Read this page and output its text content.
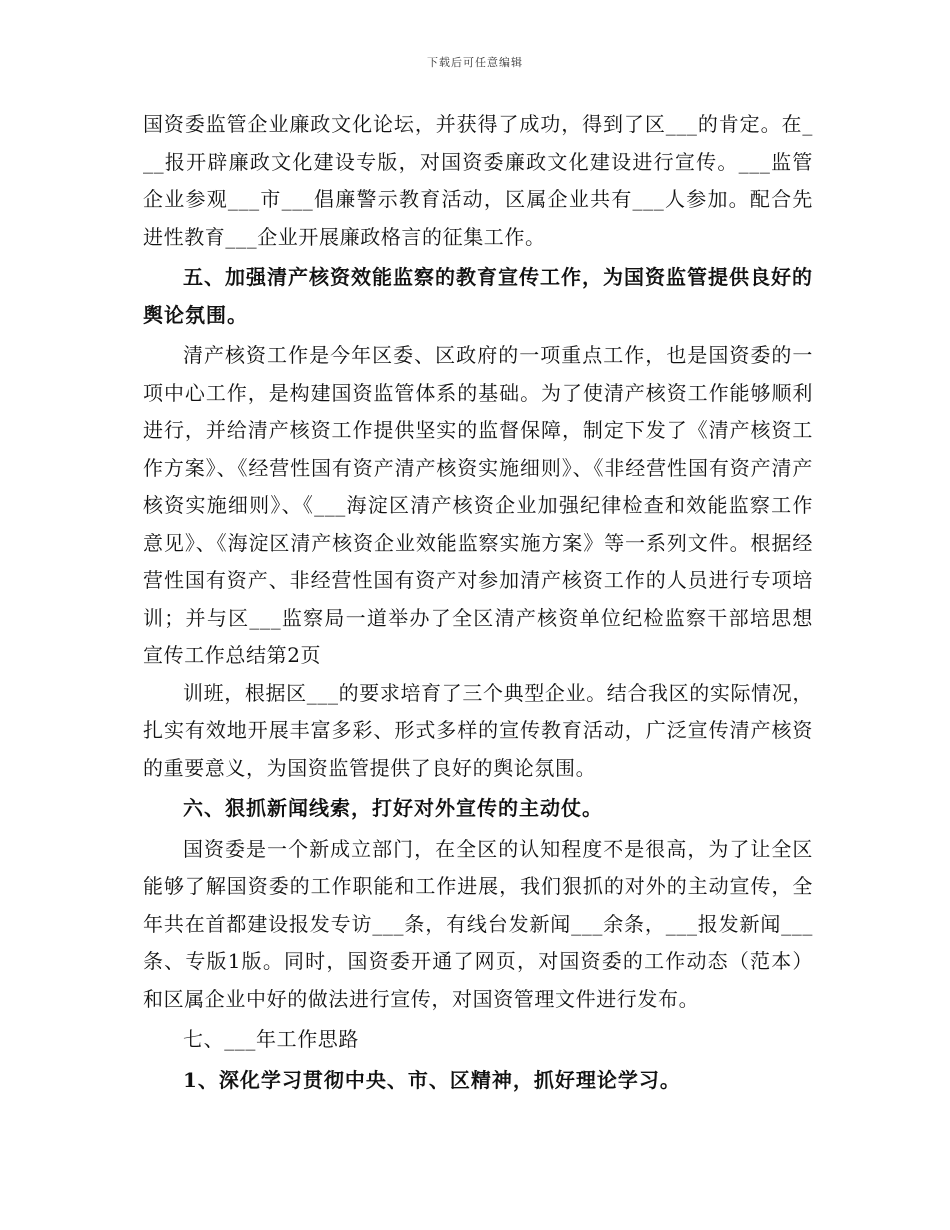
下载后可任意编辑

国资委监管企业廉政文化论坛，并获得了成功，得到了区___的肯定。在___报开辟廉政文化建设专版，对国资委廉政文化建设进行宣传。___监管企业参观___市___倡廉警示教育活动，区属企业共有___人参加。配合先进性教育___企业开展廉政格言的征集工作。

五、加强清产核资效能监察的教育宣传工作，为国资监管提供良好的舆论氛围。

清产核资工作是今年区委、区政府的一项重点工作，也是国资委的一项中心工作，是构建国资监管体系的基础。为了使清产核资工作能够顺利进行，并给清产核资工作提供坚实的监督保障，制定下发了《清产核资工作方案》、《经营性国有资产清产核资实施细则》、《非经营性国有资产清产核资实施细则》、《___海淀区清产核资企业加强纪律检查和效能监察工作意见》、《海淀区清产核资企业效能监察实施方案》等一系列文件。根据经营性国有资产、非经营性国有资产对参加清产核资工作的人员进行专项培训；并与区___监察局一道举办了全区清产核资单位纪检监察干部培思想宣传工作总结第2页

训班，根据区___的要求培育了三个典型企业。结合我区的实际情况，扎实有效地开展丰富多彩、形式多样的宣传教育活动，广泛宣传清产核资的重要意义，为国资监管提供了良好的舆论氛围。

六、狠抓新闻线索，打好对外宣传的主动仗。

国资委是一个新成立部门，在全区的认知程度不是很高，为了让全区能够了解国资委的工作职能和工作进展，我们狠抓的对外的主动宣传，全年共在首都建设报发专访___条，有线台发新闻___余条，___报发新闻___条、专版1版。同时，国资委开通了网页，对国资委的工作动态（范本）和区属企业中好的做法进行宣传，对国资管理文件进行发布。

七、___年工作思路

1、深化学习贯彻中央、市、区精神，抓好理论学习。
